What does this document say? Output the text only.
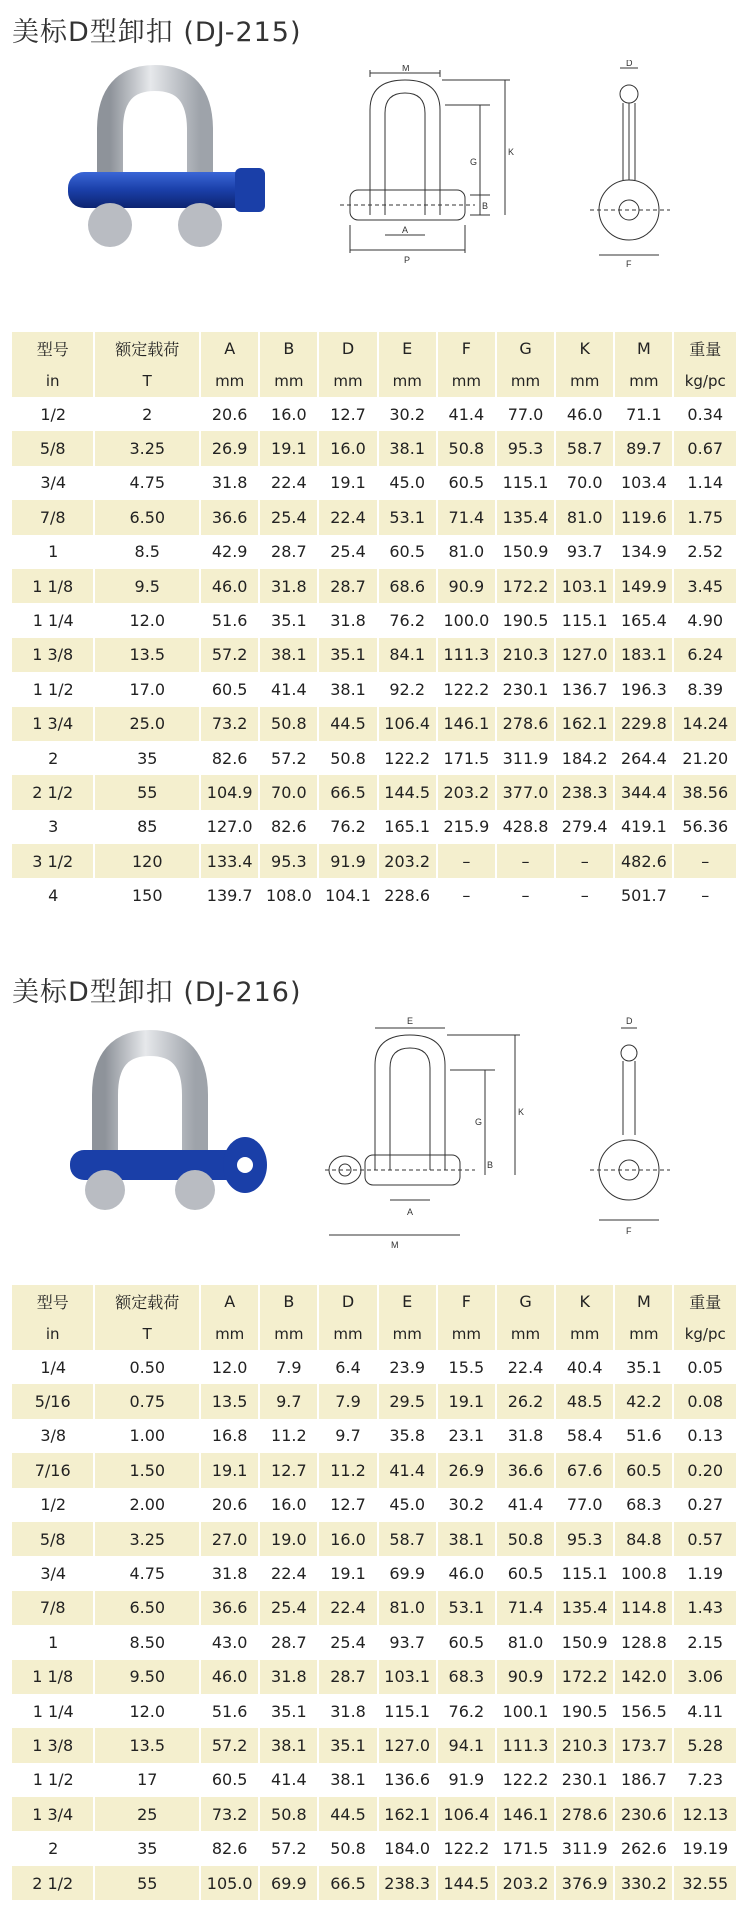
美标D型卸扣 (DJ-215)
M
G
K
B
A
P
D
F
型号	额定载荷	A	B	D	E	F	G	K	M	重量
in	T	mm	mm	mm	mm	mm	mm	mm	mm	kg/pc
1/2	2	20.6	16.0	12.7	30.2	41.4	77.0	46.0	71.1	0.34
5/8	3.25	26.9	19.1	16.0	38.1	50.8	95.3	58.7	89.7	0.67
3/4	4.75	31.8	22.4	19.1	45.0	60.5	115.1	70.0	103.4	1.14
7/8	6.50	36.6	25.4	22.4	53.1	71.4	135.4	81.0	119.6	1.75
1	8.5	42.9	28.7	25.4	60.5	81.0	150.9	93.7	134.9	2.52
1 1/8	9.5	46.0	31.8	28.7	68.6	90.9	172.2	103.1	149.9	3.45
1 1/4	12.0	51.6	35.1	31.8	76.2	100.0	190.5	115.1	165.4	4.90
1 3/8	13.5	57.2	38.1	35.1	84.1	111.3	210.3	127.0	183.1	6.24
1 1/2	17.0	60.5	41.4	38.1	92.2	122.2	230.1	136.7	196.3	8.39
1 3/4	25.0	73.2	50.8	44.5	106.4	146.1	278.6	162.1	229.8	14.24
2	35	82.6	57.2	50.8	122.2	171.5	311.9	184.2	264.4	21.20
2 1/2	55	104.9	70.0	66.5	144.5	203.2	377.0	238.3	344.4	38.56
3	85	127.0	82.6	76.2	165.1	215.9	428.8	279.4	419.1	56.36
3 1/2	120	133.4	95.3	91.9	203.2	–	–	–	482.6	–
4	150	139.7	108.0	104.1	228.6	–	–	–	501.7	–
美标D型卸扣 (DJ-216)
E
G
K
B
A
M
D
F
型号	额定载荷	A	B	D	E	F	G	K	M	重量
in	T	mm	mm	mm	mm	mm	mm	mm	mm	kg/pc
1/4	0.50	12.0	7.9	6.4	23.9	15.5	22.4	40.4	35.1	0.05
5/16	0.75	13.5	9.7	7.9	29.5	19.1	26.2	48.5	42.2	0.08
3/8	1.00	16.8	11.2	9.7	35.8	23.1	31.8	58.4	51.6	0.13
7/16	1.50	19.1	12.7	11.2	41.4	26.9	36.6	67.6	60.5	0.20
1/2	2.00	20.6	16.0	12.7	45.0	30.2	41.4	77.0	68.3	0.27
5/8	3.25	27.0	19.0	16.0	58.7	38.1	50.8	95.3	84.8	0.57
3/4	4.75	31.8	22.4	19.1	69.9	46.0	60.5	115.1	100.8	1.19
7/8	6.50	36.6	25.4	22.4	81.0	53.1	71.4	135.4	114.8	1.43
1	8.50	43.0	28.7	25.4	93.7	60.5	81.0	150.9	128.8	2.15
1 1/8	9.50	46.0	31.8	28.7	103.1	68.3	90.9	172.2	142.0	3.06
1 1/4	12.0	51.6	35.1	31.8	115.1	76.2	100.1	190.5	156.5	4.11
1 3/8	13.5	57.2	38.1	35.1	127.0	94.1	111.3	210.3	173.7	5.28
1 1/2	17	60.5	41.4	38.1	136.6	91.9	122.2	230.1	186.7	7.23
1 3/4	25	73.2	50.8	44.5	162.1	106.4	146.1	278.6	230.6	12.13
2	35	82.6	57.2	50.8	184.0	122.2	171.5	311.9	262.6	19.19
2 1/2	55	105.0	69.9	66.5	238.3	144.5	203.2	376.9	330.2	32.55
